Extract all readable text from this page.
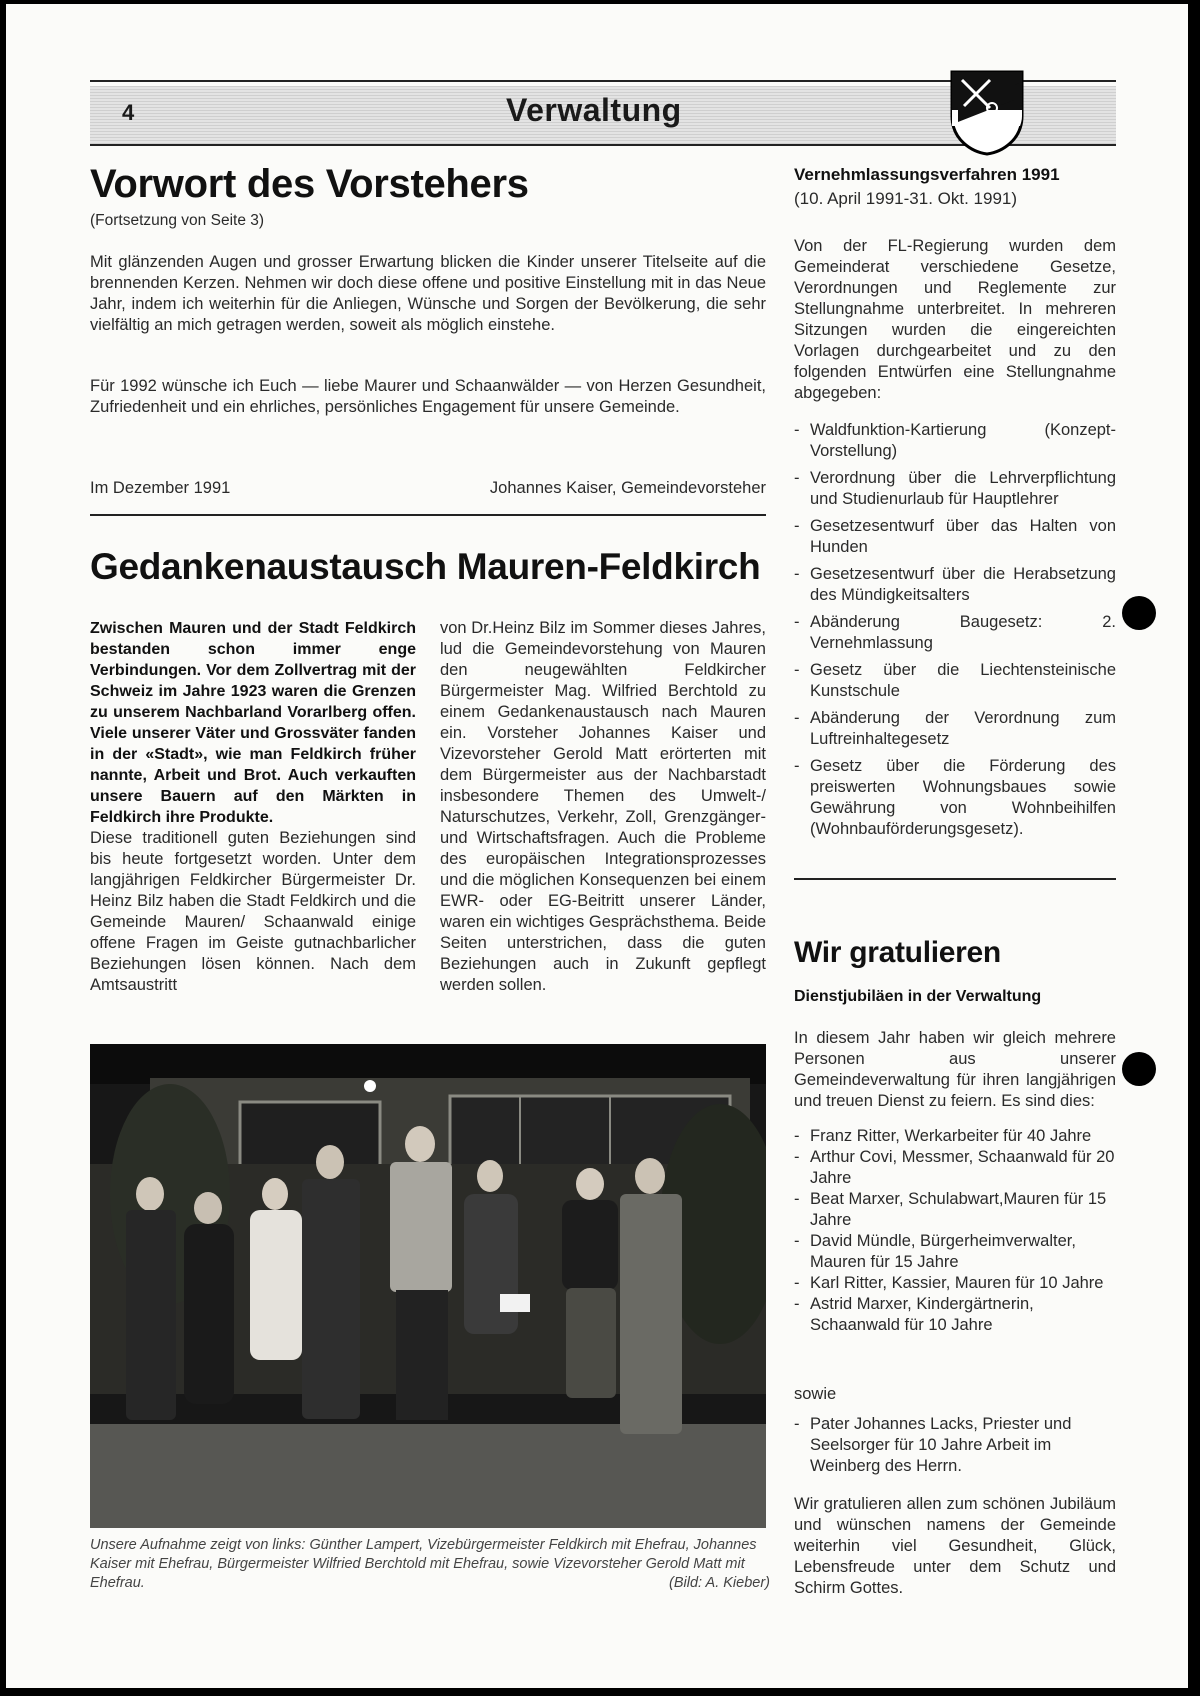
4	Verwaltung
Vorwort des Vorstehers
(Fortsetzung von Seite 3)
Mit glänzenden Augen und grosser Erwartung blicken die Kinder unserer Titelseite auf die brennenden Kerzen. Nehmen wir doch diese offene und positive Einstellung mit in das Neue Jahr, indem ich weiterhin für die Anliegen, Wünsche und Sorgen der Bevölkerung, die sehr vielfältig an mich getragen werden, soweit als möglich einstehe.
Für 1992 wünsche ich Euch — liebe Maurer und Schaanwälder — von Herzen Gesundheit, Zufriedenheit und ein ehrliches, persönliches Engagement für unsere Gemeinde.
Im Dezember 1991	Johannes Kaiser, Gemeindevorsteher
Gedankenaustausch Mauren-Feldkirch
Zwischen Mauren und der Stadt Feldkirch bestanden schon immer enge Verbindungen. Vor dem Zollvertrag mit der Schweiz im Jahre 1923 waren die Grenzen zu unserem Nachbarland Vorarlberg offen. Viele unserer Väter und Grossväter fanden in der «Stadt», wie man Feldkirch früher nannte, Arbeit und Brot. Auch verkauften unsere Bauern auf den Märkten in Feldkirch ihre Produkte.
Diese traditionell guten Beziehungen sind bis heute fortgesetzt worden. Unter dem langjährigen Feldkircher Bürgermeister Dr. Heinz Bilz haben die Stadt Feldkirch und die Gemeinde Mauren/ Schaanwald einige offene Fragen im Geiste gutnachbarlicher Beziehungen lösen können. Nach dem Amtsaustritt
von Dr.Heinz Bilz im Sommer dieses Jahres, lud die Gemeindevorstehung von Mauren den neugewählten Feldkircher Bürgermeister Mag. Wilfried Berchtold zu einem Gedankenaustausch nach Mauren ein. Vorsteher Johannes Kaiser und Vizevorsteher Gerold Matt erörterten mit dem Bürgermeister aus der Nachbarstadt insbesondere Themen des Umwelt-/ Naturschutzes, Verkehr, Zoll, Grenzgänger- und Wirtschaftsfragen. Auch die Probleme des europäischen Integrationsprozesses und die möglichen Konsequenzen bei einem EWR- oder EG-Beitritt unserer Länder, waren ein wichtiges Gesprächsthema. Beide Seiten unterstrichen, dass die guten Beziehungen auch in Zukunft gepflegt werden sollen.
Unsere Aufnahme zeigt von links: Günther Lampert, Vizebürgermeister Feldkirch mit Ehefrau, Johannes Kaiser mit Ehefrau, Bürgermeister Wilfried Berchtold mit Ehefrau, sowie Vizevorsteher Gerold Matt mit Ehefrau.	(Bild: A. Kieber)
Vernehmlassungsverfahren 1991
(10. April 1991-31. Okt. 1991)
Von der FL-Regierung wurden dem Gemeinderat verschiedene Gesetze, Verordnungen und Reglemente zur Stellungnahme unterbreitet. In mehreren Sitzungen wurden die eingereichten Vorlagen durchgearbeitet und zu den folgenden Entwürfen eine Stellungnahme abgegeben:
- Waldfunktion-Kartierung (Konzept-Vorstellung)
- Verordnung über die Lehrverpflichtung und Studienurlaub für Hauptlehrer
- Gesetzesentwurf über das Halten von Hunden
- Gesetzesentwurf über die Herabsetzung des Mündigkeitsalters
- Abänderung Baugesetz: 2. Vernehmlassung
- Gesetz über die Liechtensteinische Kunstschule
- Abänderung der Verordnung zum Luftreinhaltegesetz
- Gesetz über die Förderung des preiswerten Wohnungsbaues sowie Gewährung von Wohnbeihilfen (Wohnbauförderungsgesetz).
Wir gratulieren
Dienstjubiläen in der Verwaltung
In diesem Jahr haben wir gleich mehrere Personen aus unserer Gemeindeverwaltung für ihren langjährigen und treuen Dienst zu feiern. Es sind dies:
- Franz Ritter, Werkarbeiter für 40 Jahre
- Arthur Covi, Messmer, Schaanwald für 20 Jahre
- Beat Marxer, Schulabwart,Mauren für 15 Jahre
- David Mündle, Bürgerheimverwalter, Mauren für 15 Jahre
- Karl Ritter, Kassier, Mauren für 10 Jahre
- Astrid Marxer, Kindergärtnerin, Schaanwald für 10 Jahre
sowie
- Pater Johannes Lacks, Priester und Seelsorger für 10 Jahre Arbeit im Weinberg des Herrn.
Wir gratulieren allen zum schönen Jubiläum und wünschen namens der Gemeinde weiterhin viel Gesundheit, Glück, Lebensfreude unter dem Schutz und Schirm Gottes.
